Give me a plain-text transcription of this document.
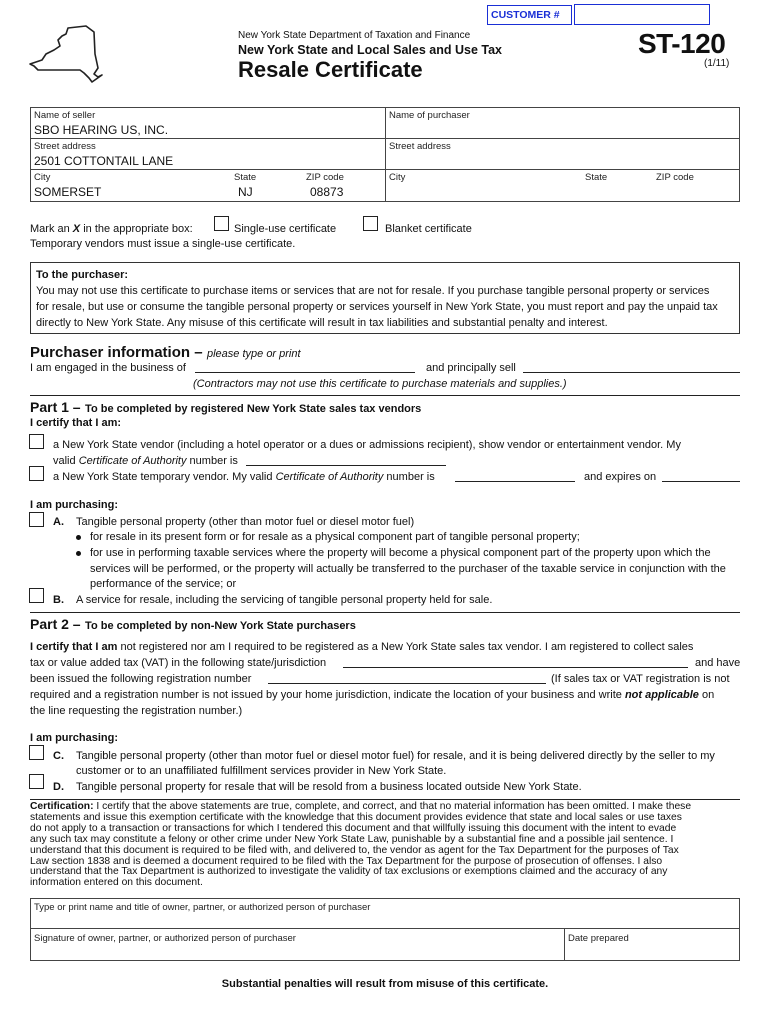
CUSTOMER #
New York State Department of Taxation and Finance
New York State and Local Sales and Use Tax
Resale Certificate
ST-120
(1/11)
Name of seller
SBO HEARING US, INC.
Street address
2501 COTTONTAIL LANE
City
SOMERSET
State
NJ
ZIP code
08873
Name of purchaser
Street address
City	State	ZIP code
Mark an X in the appropriate box:	Single-use certificate	Blanket certificate
Temporary vendors must issue a single-use certificate.
To the purchaser:
You may not use this certificate to purchase items or services that are not for resale. If you purchase tangible personal property or services
for resale, but use or consume the tangible personal property or services yourself in New York State, you must report and pay the unpaid tax
directly to New York State. Any misuse of this certificate will result in tax liabilities and substantial penalty and interest.
Purchaser information – please type or print
I am engaged in the business of	and principally sell
(Contractors may not use this certificate to purchase materials and supplies.)
Part 1 – To be completed by registered New York State sales tax vendors
I certify that I am:
a New York State vendor (including a hotel operator or a dues or admissions recipient), show vendor or entertainment vendor. My
valid Certificate of Authority number is
a New York State temporary vendor. My valid Certificate of Authority number is	and expires on
I am purchasing:
A. Tangible personal property (other than motor fuel or diesel motor fuel)
for resale in its present form or for resale as a physical component part of tangible personal property;
for use in performing taxable services where the property will become a physical component part of the property upon which the
services will be performed, or the property will actually be transferred to the purchaser of the taxable service in conjunction with the
performance of the service; or
B. A service for resale, including the servicing of tangible personal property held for sale.
Part 2 – To be completed by non-New York State purchasers
I certify that I am not registered nor am I required to be registered as a New York State sales tax vendor. I am registered to collect sales
tax or value added tax (VAT) in the following state/jurisdiction	and have
been issued the following registration number	(If sales tax or VAT registration is not
required and a registration number is not issued by your home jurisdiction, indicate the location of your business and write not applicable on
the line requesting the registration number.)
I am purchasing:
C. Tangible personal property (other than motor fuel or diesel motor fuel) for resale, and it is being delivered directly by the seller to my
customer or to an unaffiliated fulfillment services provider in New York State.
D. Tangible personal property for resale that will be resold from a business located outside New York State.
Certification: I certify that the above statements are true, complete, and correct, and that no material information has been omitted. I make these
statements and issue this exemption certificate with the knowledge that this document provides evidence that state and local sales or use taxes
do not apply to a transaction or transactions for which I tendered this document and that willfully issuing this document with the intent to evade
any such tax may constitute a felony or other crime under New York State Law, punishable by a substantial fine and a possible jail sentence. I
understand that this document is required to be filed with, and delivered to, the vendor as agent for the Tax Department for the purposes of Tax
Law section 1838 and is deemed a document required to be filed with the Tax Department for the purpose of prosecution of offenses. I also
understand that the Tax Department is authorized to investigate the validity of tax exclusions or exemptions claimed and the accuracy of any
information entered on this document.
Type or print name and title of owner, partner, or authorized person of purchaser
Signature of owner, partner, or authorized person of purchaser	Date prepared
Substantial penalties will result from misuse of this certificate.
